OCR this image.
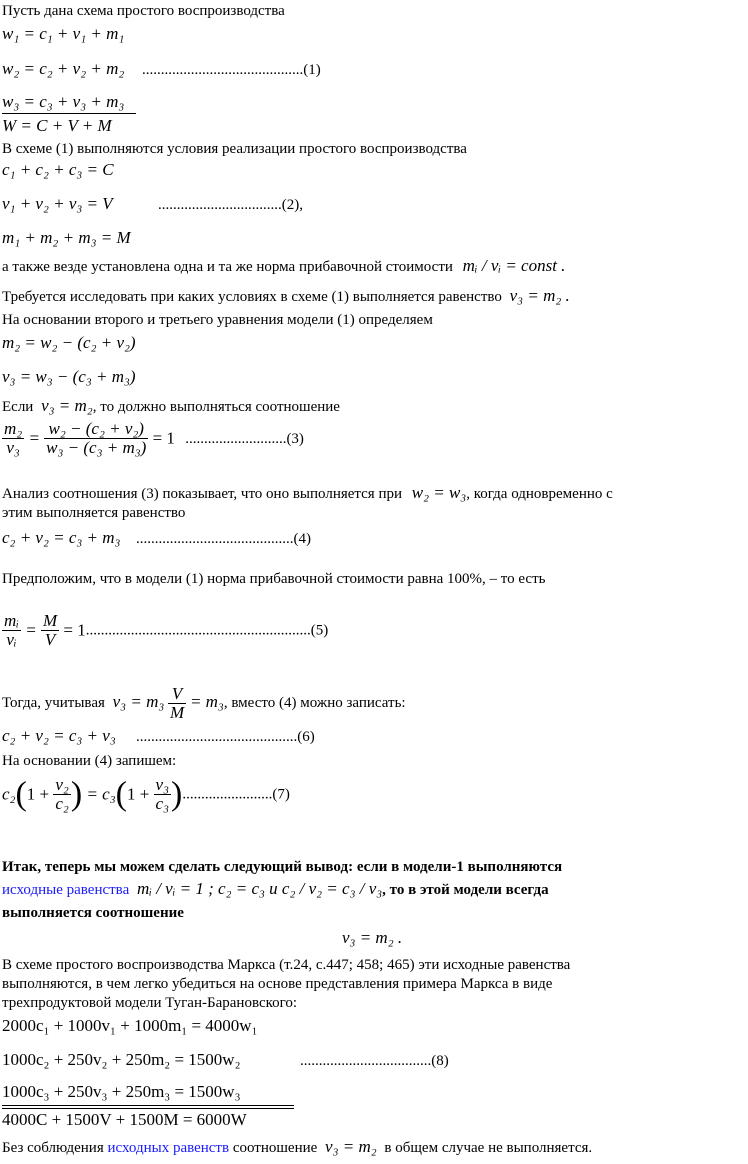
Пусть дана схема простого воспроизводства
w₁ = c₁ + v₁ + m₁
w₂ = c₂ + v₂ + m₂ ...........................................(1)
w₃ = c₃ + v₃ + m₃
W = C + V + M
В схеме (1) выполняются условия реализации простого воспроизводства
c₁ + c₂ + c₃ = C
v₁ + v₂ + v₃ = V	.................................(2),
m₁ + m₂ + m₃ = M
а также везде установлена одна и та же норма прибавочной стоимости mᵢ / vᵢ = const .
Требуется исследовать при каких условиях в схеме (1) выполняется равенство v₃ = m₂ .
На основании второго и третьего уравнения модели (1) определяем
m₂ = w₂ − (c₂ + v₂)
v₃ = w₃ − (c₃ + m₃)
Если v₃ = m₂, то должно выполняться соотношение
$\frac{\text{m₂}}{\text{v₃}} = \frac{\text{w₂ − (c₂ + v₂)}}{\text{w₃ − (c₃ + m₃)}} = 1$ ...........................(3)
Анализ соотношения (3) показывает, что оно выполняется при w₂ = w₃, когда одновременно с
этим выполняется равенство
c₂ + v₂ = c₃ + m₃ ..........................................(4)
Предположим, что в модели (1) норма прибавочной стоимости равна 100%, – то есть
$\frac{\text{mᵢ}}{\text{vᵢ}} = \frac{M}{V} = 1............................................................(5)$
Тогда, учитывая $v_3 = m_3 \frac{V}{M} = m_3$, вместо (4) можно записать:
c₂ + v₂ = c₃ + v₃ ...........................................(6)
На основании (4) запишем:
$c_2(1 + \frac{\text{v₂}}{\text{c₂}}$ ) = $c_3(1 + \frac{\text{v₃}}{\text{c₃}} )........................(7)$
Итак, теперь мы можем сделать следующий вывод: если в модели-1 выполняются
исходные равенства mᵢ / vᵢ = 1 ; c₂ = c₃ и c₂ / v₂ = c₃ / v₃, то в этой модели всегда
выполняется соотношение
v₃ = m₂ .
В схеме простого воспроизводства Маркса (т.24, с.447; 458; 465) эти исходные равенства
выполняются, в чем легко убедиться на основе представления примера Маркса в виде
трехпродуктовой модели Туган-Барановского:
2000c₁ + 1000v₁ + 1000m₁ = 4000w₁
1000c₂ + 250v₂ + 250m₂ = 1500w₂	...................................(8)
1000c₃ + 250v₃ + 250m₃ = 1500w₃
4000C + 1500V + 1500M = 6000W
Без соблюдения исходных равенств соотношение v₃ = m₂ в общем случае не выполняется.
